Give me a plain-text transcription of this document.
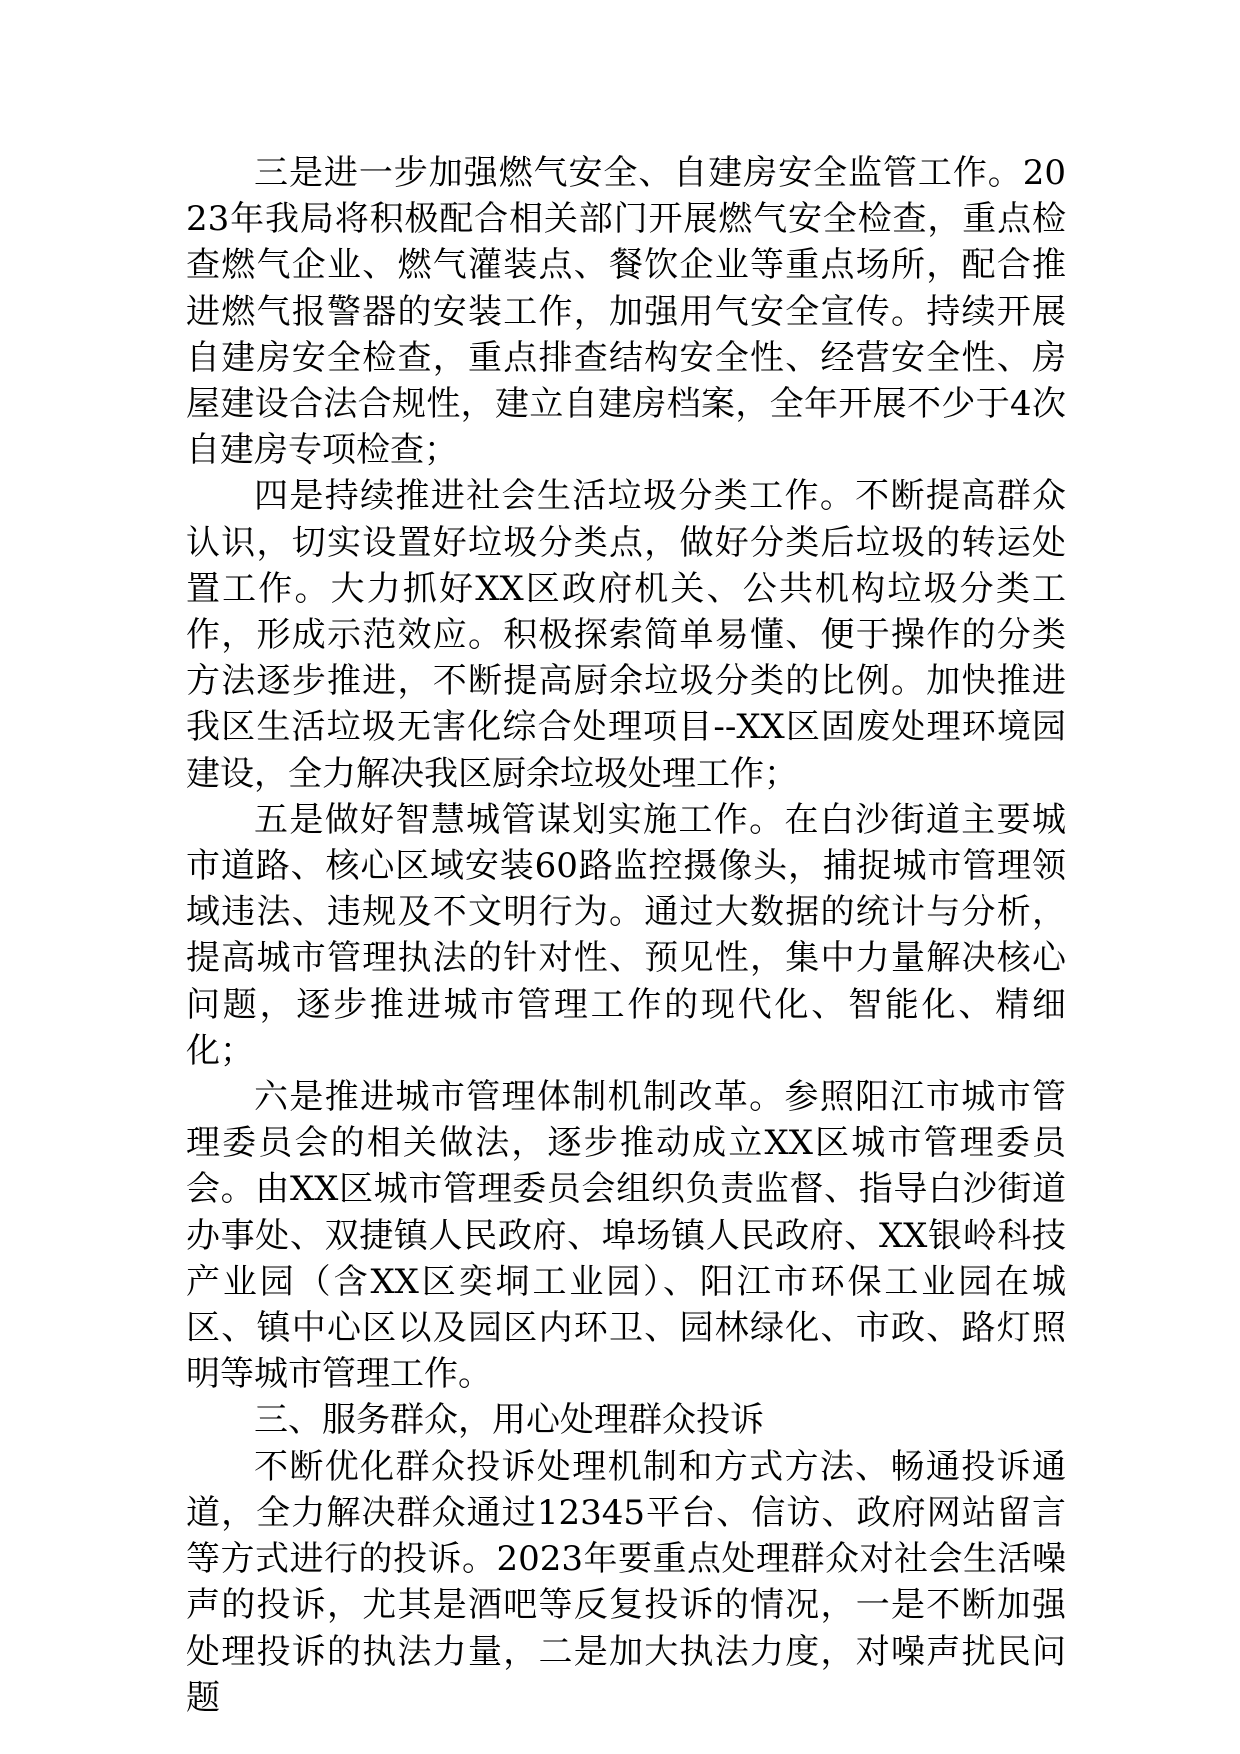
三是进一步加强燃气安全、自建房安全监管工作。2023年我局将积极配合相关部门开展燃气安全检查，重点检查燃气企业、燃气灌装点、餐饮企业等重点场所，配合推进燃气报警器的安装工作，加强用气安全宣传。持续开展自建房安全检查，重点排查结构安全性、经营安全性、房屋建设合法合规性，建立自建房档案，全年开展不少于4次自建房专项检查；

四是持续推进社会生活垃圾分类工作。不断提高群众认识，切实设置好垃圾分类点，做好分类后垃圾的转运处置工作。大力抓好XX区政府机关、公共机构垃圾分类工作，形成示范效应。积极探索简单易懂、便于操作的分类方法逐步推进，不断提高厨余垃圾分类的比例。加快推进我区生活垃圾无害化综合处理项目--XX区固废处理环境园建设，全力解决我区厨余垃圾处理工作；

五是做好智慧城管谋划实施工作。在白沙街道主要城市道路、核心区域安装60路监控摄像头，捕捉城市管理领域违法、违规及不文明行为。通过大数据的统计与分析，提高城市管理执法的针对性、预见性，集中力量解决核心问题，逐步推进城市管理工作的现代化、智能化、精细化；

六是推进城市管理体制机制改革。参照阳江市城市管理委员会的相关做法，逐步推动成立XX区城市管理委员会。由XX区城市管理委员会组织负责监督、指导白沙街道办事处、双捷镇人民政府、埠场镇人民政府、XX银岭科技产业园（含XX区奕垌工业园）、阳江市环保工业园在城区、镇中心区以及园区内环卫、园林绿化、市政、路灯照明等城市管理工作。

三、服务群众，用心处理群众投诉

不断优化群众投诉处理机制和方式方法、畅通投诉通道，全力解决群众通过12345平台、信访、政府网站留言等方式进行的投诉。2023年要重点处理群众对社会生活噪声的投诉，尤其是酒吧等反复投诉的情况，一是不断加强处理投诉的执法力量，二是加大执法力度，对噪声扰民问题
